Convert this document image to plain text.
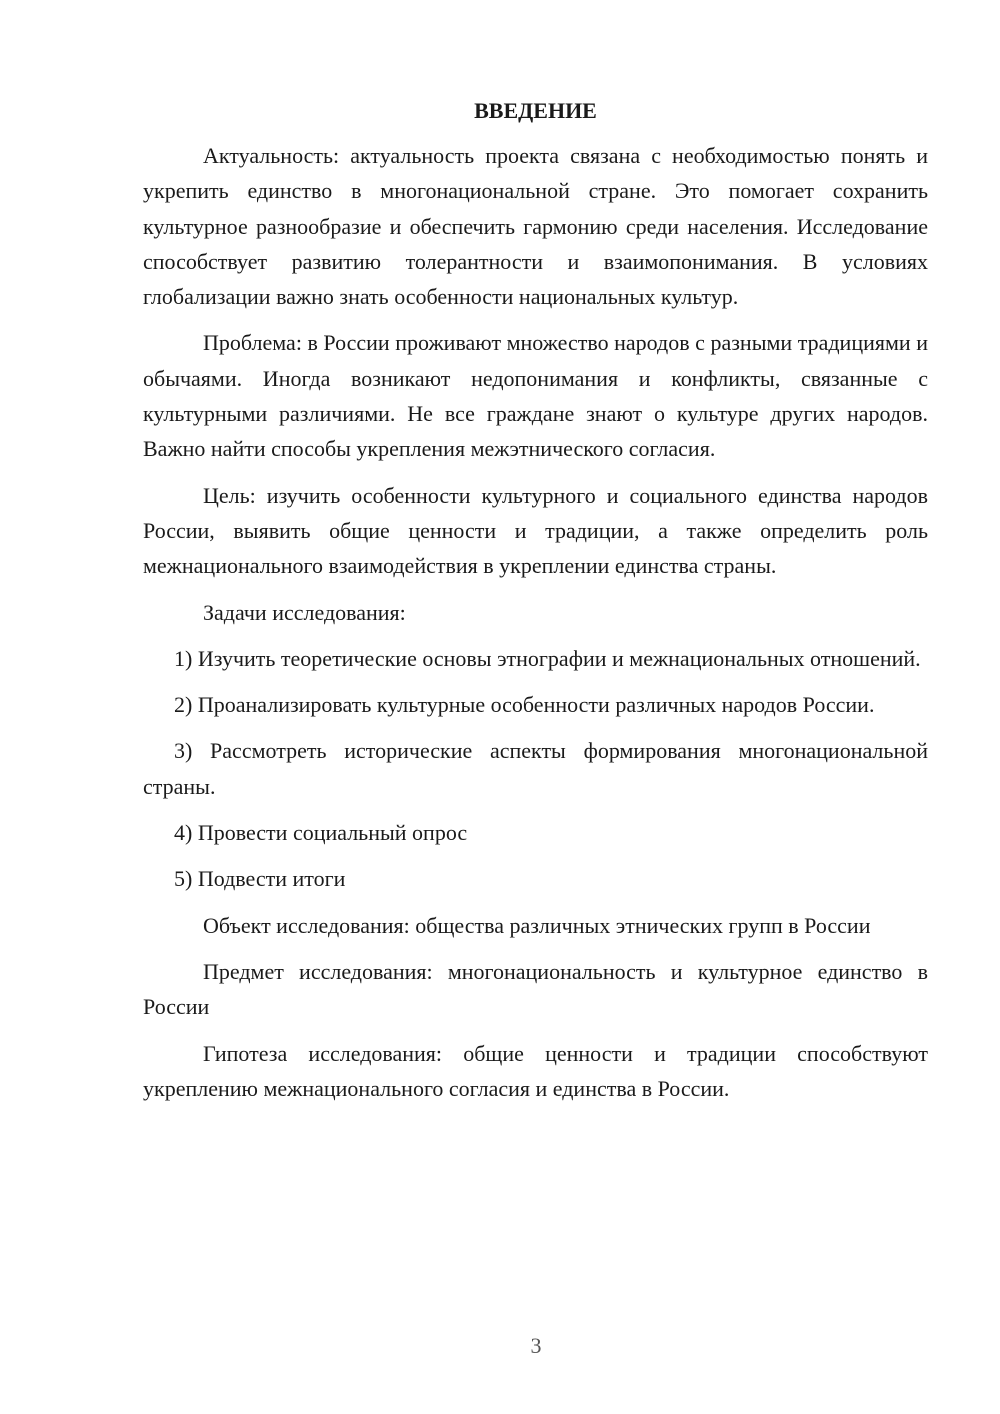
ВВЕДЕНИЕ

Актуальность: актуальность проекта связана с необходимостью понять и укрепить единство в многонациональной стране. Это помогает сохранить культурное разнообразие и обеспечить гармонию среди населения. Исследование способствует развитию толерантности и взаимопонимания. В условиях глобализации важно знать особенности национальных культур.

Проблема: в России проживают множество народов с разными традициями и обычаями. Иногда возникают недопонимания и конфликты, связанные с культурными различиями. Не все граждане знают о культуре других народов. Важно найти способы укрепления межэтнического согласия.

Цель: изучить особенности культурного и социального единства народов России, выявить общие ценности и традиции, а также определить роль межнационального взаимодействия в укреплении единства страны.

Задачи исследования:

1) Изучить теоретические основы этнографии и межнациональных отношений.

2) Проанализировать культурные особенности различных народов России.

3) Рассмотреть исторические аспекты формирования многонациональной страны.

4) Провести социальный опрос

5) Подвести итоги

Объект исследования: общества различных этнических групп в России

Предмет исследования: многонациональность и культурное единство в России

Гипотеза исследования: общие ценности и традиции способствуют укреплению межнационального согласия и единства в России.

3
